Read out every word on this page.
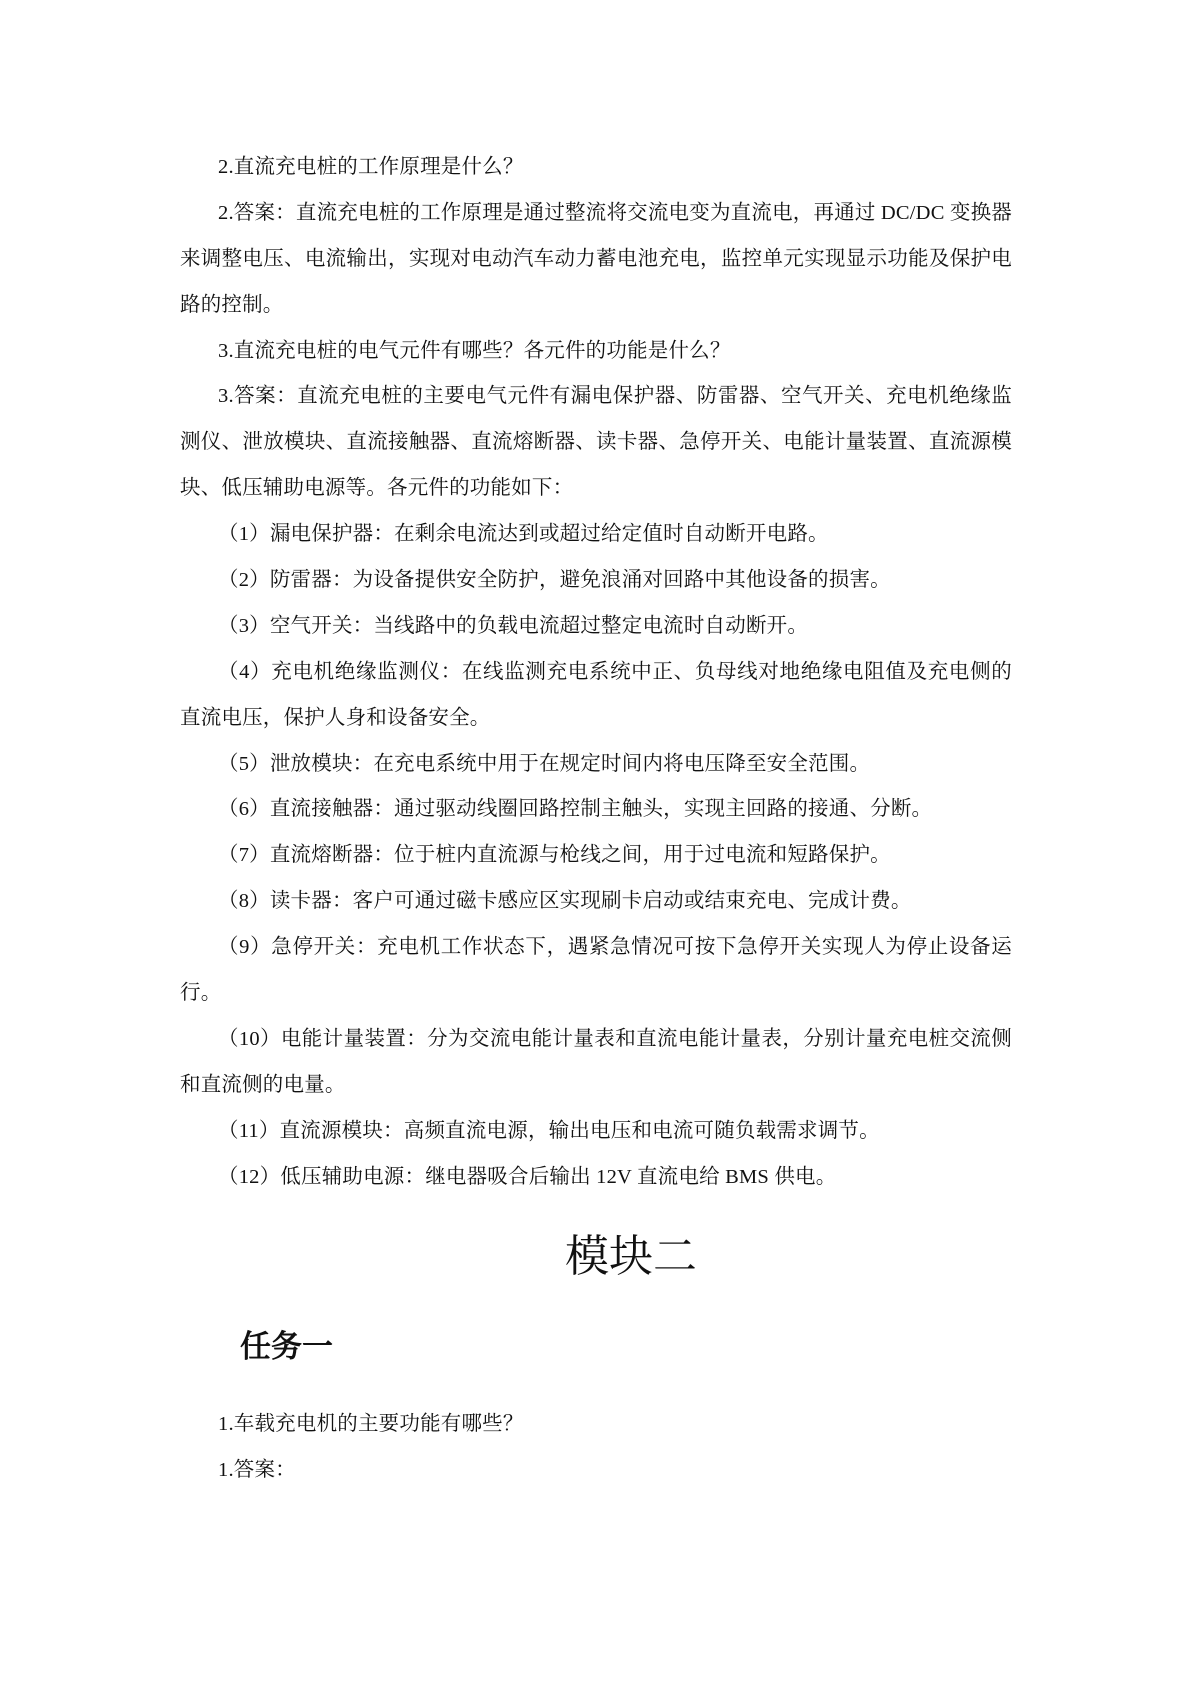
2.直流充电桩的工作原理是什么？
2.答案：直流充电桩的工作原理是通过整流将交流电变为直流电，再通过 DC/DC 变换器
来调整电压、电流输出，实现对电动汽车动力蓄电池充电，监控单元实现显示功能及保护电
路的控制。
3.直流充电桩的电气元件有哪些？各元件的功能是什么？
3.答案：直流充电桩的主要电气元件有漏电保护器、防雷器、空气开关、充电机绝缘监
测仪、泄放模块、直流接触器、直流熔断器、读卡器、急停开关、电能计量装置、直流源模
块、低压辅助电源等。各元件的功能如下：
（1）漏电保护器：在剩余电流达到或超过给定值时自动断开电路。
（2）防雷器：为设备提供安全防护，避免浪涌对回路中其他设备的损害。
（3）空气开关：当线路中的负载电流超过整定电流时自动断开。
（4）充电机绝缘监测仪：在线监测充电系统中正、负母线对地绝缘电阻值及充电侧的
直流电压，保护人身和设备安全。
（5）泄放模块：在充电系统中用于在规定时间内将电压降至安全范围。
（6）直流接触器：通过驱动线圈回路控制主触头，实现主回路的接通、分断。
（7）直流熔断器：位于桩内直流源与枪线之间，用于过电流和短路保护。
（8）读卡器：客户可通过磁卡感应区实现刷卡启动或结束充电、完成计费。
（9）急停开关：充电机工作状态下，遇紧急情况可按下急停开关实现人为停止设备运
行。
（10）电能计量装置：分为交流电能计量表和直流电能计量表，分别计量充电桩交流侧
和直流侧的电量。
（11）直流源模块：高频直流电源，输出电压和电流可随负载需求调节。
（12）低压辅助电源：继电器吸合后输出 12V 直流电给 BMS 供电。
模块二
任务一
1.车载充电机的主要功能有哪些？
1.答案：
